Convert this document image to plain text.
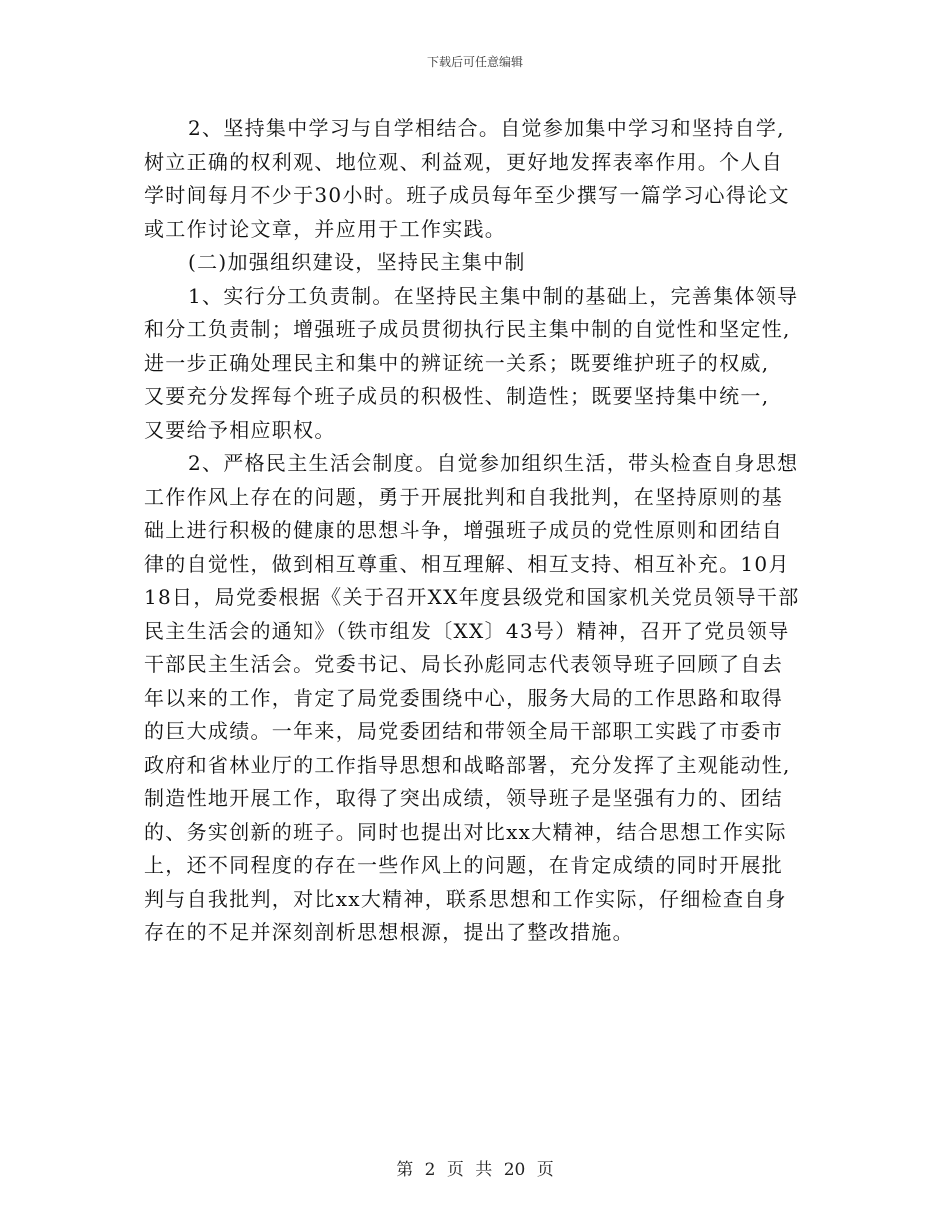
下载后可任意编辑
2、坚持集中学习与自学相结合。自觉参加集中学习和坚持自学,
树立正确的权利观、地位观、利益观，更好地发挥表率作用。个人自
学时间每月不少于30小时。班子成员每年至少撰写一篇学习心得论文
或工作讨论文章，并应用于工作实践。
(二)加强组织建设，坚持民主集中制
1、实行分工负责制。在坚持民主集中制的基础上，完善集体领导
和分工负责制；增强班子成员贯彻执行民主集中制的自觉性和坚定性,
进一步正确处理民主和集中的辨证统一关系；既要维护班子的权威,
又要充分发挥每个班子成员的积极性、制造性；既要坚持集中统一,
又要给予相应职权。
2、严格民主生活会制度。自觉参加组织生活，带头检查自身思想
工作作风上存在的问题，勇于开展批判和自我批判，在坚持原则的基
础上进行积极的健康的思想斗争，增强班子成员的党性原则和团结自
律的自觉性，做到相互尊重、相互理解、相互支持、相互补充。10月
18日，局党委根据《关于召开XX年度县级党和国家机关党员领导干部
民主生活会的通知》（铁市组发〔XX〕43号）精神，召开了党员领导
干部民主生活会。党委书记、局长孙彪同志代表领导班子回顾了自去
年以来的工作，肯定了局党委围绕中心，服务大局的工作思路和取得
的巨大成绩。一年来，局党委团结和带领全局干部职工实践了市委市
政府和省林业厅的工作指导思想和战略部署，充分发挥了主观能动性,
制造性地开展工作，取得了突出成绩，领导班子是坚强有力的、团结
的、务实创新的班子。同时也提出对比xx大精神，结合思想工作实际
上，还不同程度的存在一些作风上的问题，在肯定成绩的同时开展批
判与自我批判，对比xx大精神，联系思想和工作实际，仔细检查自身
存在的不足并深刻剖析思想根源，提出了整改措施。
第 2 页 共 20 页
